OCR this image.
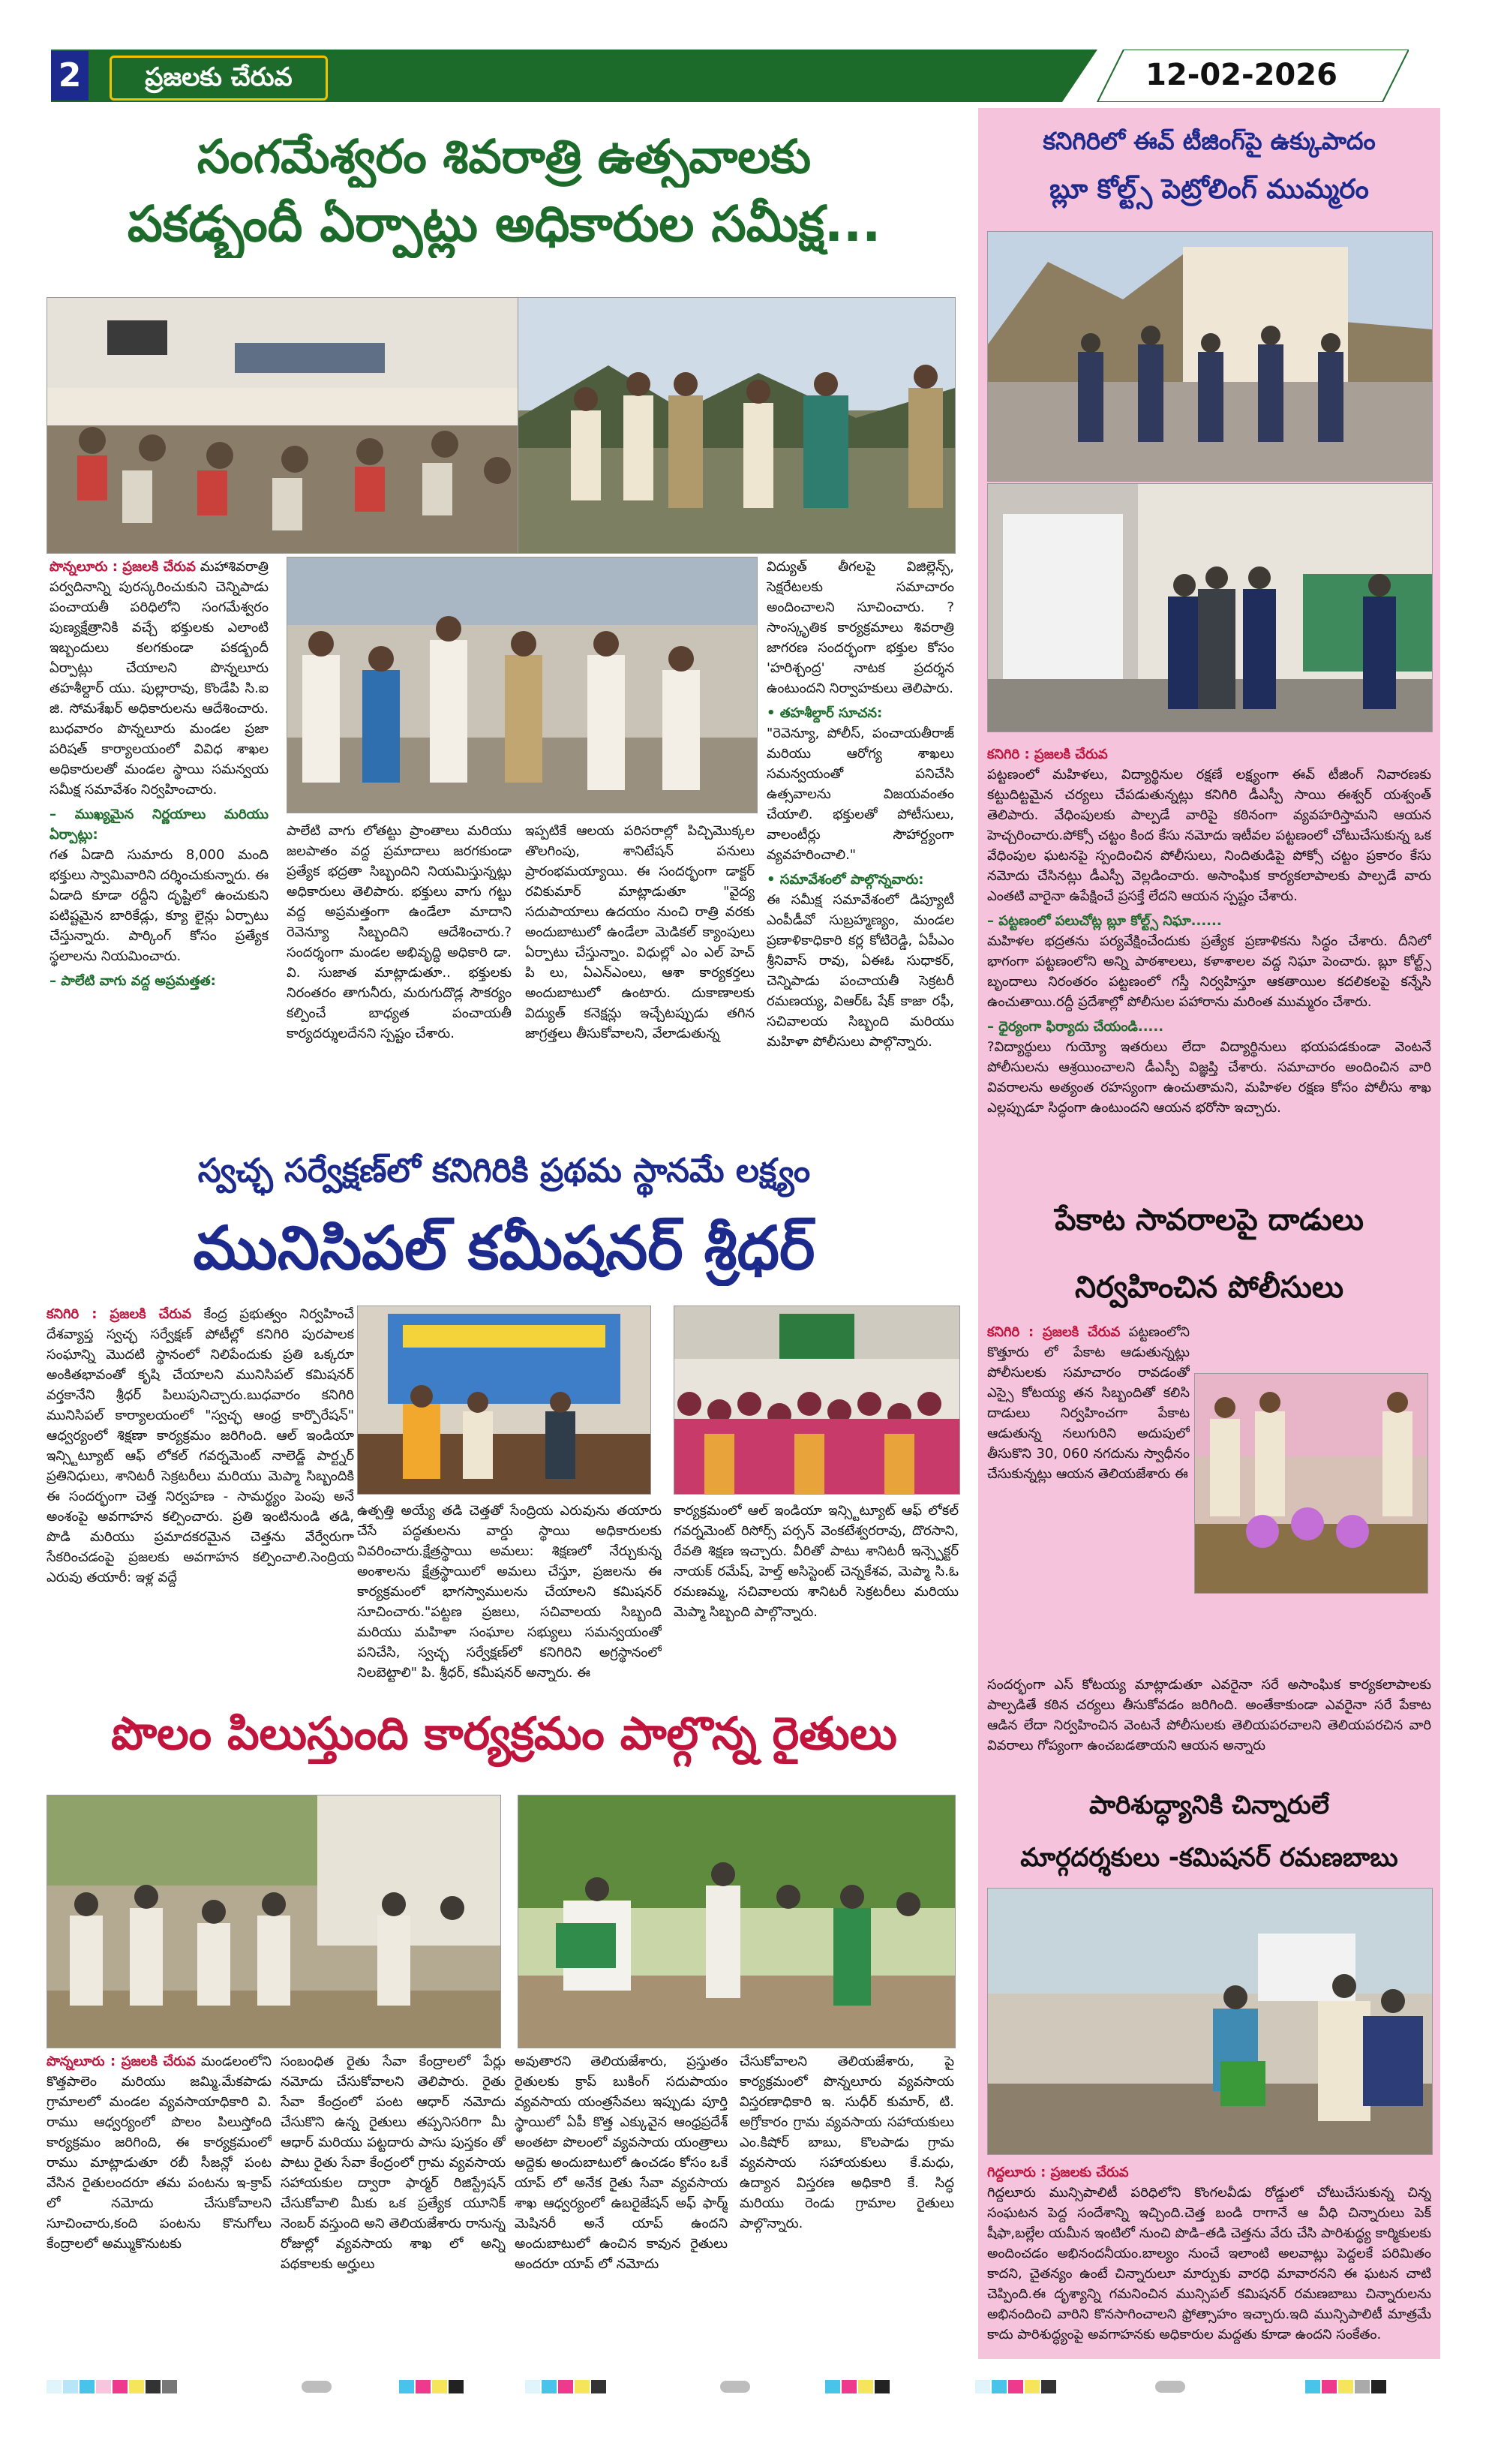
2	ప్రజలకు చేరువ	12-02-2026
సంగమేశ్వరం శివరాత్రి ఉత్సవాలకు
పకడ్బందీ ఏర్పాట్లు అధికారుల సమీక్ష...
పొన్నలూరు : ప్రజలకి చేరువ మహాశివరాత్రి పర్వదినాన్ని పురస్కరించుకుని చెన్నిపాడు పంచాయతీ పరిధిలోని సంగమేశ్వరం పుణ్యక్షేత్రానికి వచ్చే భక్తులకు ఎలాంటి ఇబ్బందులు కలగకుండా పకడ్బందీ ఏర్పాట్లు చేయాలని పొన్నలూరు తహశీల్దార్ యు. పుల్లారావు, కొండేపి సి.ఐ జి. సోమశేఖర్ అధికారులను ఆదేశించారు. బుధవారం పొన్నలూరు మండల ప్రజా పరిషత్ కార్యాలయంలో వివిధ శాఖల అధికారులతో మండల స్థాయి సమన్వయ సమీక్ష సమావేశం నిర్వహించారు.
– ముఖ్యమైన నిర్ణయాలు మరియు ఏర్పాట్లు:
గత ఏడాది సుమారు 8,000 మంది భక్తులు స్వామివారిని దర్శించుకున్నారు. ఈ ఏడాది కూడా రద్దీని దృష్టిలో ఉంచుకుని పటిష్టమైన బారికేడ్లు, క్యూ లైన్లు ఏర్పాటు చేస్తున్నారు. పార్కింగ్ కోసం ప్రత్యేక స్థలాలను నియమించారు.
– పాలేటి వాగు వద్ద అప్రమత్తత:
పాలేటి వాగు లోతట్టు ప్రాంతాలు మరియు జలపాతం వద్ద ప్రమాదాలు జరగకుండా ప్రత్యేక భద్రతా సిబ్బందిని నియమిస్తున్నట్లు అధికారులు తెలిపారు. భక్తులు వాగు గట్టు వద్ద అప్రమత్తంగా ఉండేలా మాదాని రెవెన్యూ సిబ్బందిని ఆదేశించారు.? సందర్శంగా మండల అభివృద్ధి అధికారి డా. వి. సుజాత మాట్లాడుతూ.. భక్తులకు నిరంతరం తాగునీరు, మరుగుదొడ్ల సౌకర్యం కల్పించే బాధ్యత పంచాయతీ కార్యదర్శులదేనని స్పష్టం చేశారు.
ఇప్పటికే ఆలయ పరిసరాల్లో పిచ్చిమొక్కల తొలగింపు, శానిటేషన్ పనులు ప్రారంభమయ్యాయి. ఈ సందర్భంగా డాక్టర్ రవికుమార్ మాట్లాడుతూ "వైద్య సదుపాయాలు ఉదయం నుంచి రాత్రి వరకు అందుబాటులో ఉండేలా మెడికల్ క్యాంపులు ఏర్పాటు చేస్తున్నాం. విధుల్లో ఎం ఎల్ హెచ్ పి లు, ఏఎన్ఎంలు, ఆశా కార్యకర్తలు అందుబాటులో ఉంటారు. దుకాణాలకు విద్యుత్ కనెక్షన్లు ఇచ్చేటప్పుడు తగిన జాగ్రత్తలు తీసుకోవాలని, వేలాడుతున్న
విద్యుత్ తీగలపై విజిల్లెన్స్, సెక్షరేటలకు సమాచారం అందించాలని సూచించారు. ?సాంస్కృతిక కార్యక్రమాలు శివరాత్రి జాగరణ సందర్భంగా భక్తుల కోసం 'హరిశ్చంద్ర' నాటక ప్రదర్శన ఉంటుందని నిర్వాహకులు తెలిపారు.
• తహశీల్దార్ సూచన:
"రెవెన్యూ, పోలీస్, పంచాయతీరాజ్ మరియు ఆరోగ్య శాఖలు సమన్వయంతో పనిచేసి ఉత్సవాలను విజయవంతం చేయాలి. భక్తులతో పోటీసులు, వాలంటీర్లు సౌహార్ద్యంగా వ్యవహరించాలి."
• సమావేశంలో పాల్గొన్నవారు:
ఈ సమీక్ష సమావేశంలో డిప్యూటీ ఎంపీడీవో సుబ్రహ్మణ్యం, మండల ప్రణాళికాధికారి కర్ల కోటిరెడ్డి, ఏపీఎం శ్రీనివాస్ రావు, ఏఈఓ సుధాకర్, చెన్నిపాడు పంచాయతీ సెక్రటరీ రమణయ్య, విఆర్ఓ షేక్ కాజా రఫీ, సచివాలయ సిబ్బంది మరియు మహిళా పోలీసులు పాల్గొన్నారు.
స్వచ్ఛ సర్వేక్షణ్‌లో కనిగిరికి ప్రథమ స్థానమే లక్ష్యం
మునిసిపల్ కమీషనర్ శ్రీధర్
కనిగిరి : ప్రజలకి చేరువ కేంద్ర ప్రభుత్వం నిర్వహించే దేశవ్యాప్త స్వచ్ఛ సర్వేక్షణ్ పోటీల్లో కనిగిరి పురపాలక సంఘాన్ని మొదటి స్థానంలో నిలిపేందుకు ప్రతి ఒక్కరూ అంకితభావంతో కృషి చేయాలని మునిసిపల్ కమిషనర్ వర్తకానేని శ్రీధర్ పిలుపునిచ్చారు.బుధవారం కనిగిరి మునిసిపల్ కార్యాలయంలో "స్వచ్ఛ ఆంధ్ర కార్పొరేషన్" ఆధ్వర్యంలో శిక్షణా కార్యక్రమం జరిగింది. ఆల్ ఇండియా ఇన్స్టిట్యూట్ ఆఫ్ లోకల్ గవర్నమెంట్ నాలెడ్జ్ పార్ట్నర్ ప్రతినిధులు, శానిటరీ సెక్రటరీలు మరియు మెప్మా సిబ్బందికి ఈ సందర్భంగా చెత్త నిర్వహణ - సామర్థ్యం పెంపు అనే అంశంపై అవగాహన కల్పించారు. ప్రతి ఇంటినుండి తడి, పొడి మరియు ప్రమాదకరమైన చెత్తను వేర్వేరుగా సేకరించడంపై ప్రజలకు అవగాహన కల్పించాలి.సెంద్రియ ఎరువు తయారీ: ఇళ్ల వద్దే
ఉత్పత్తి అయ్యే తడి చెత్తతో సేంద్రియ ఎరువును తయారు చేసే పద్ధతులను వార్డు స్థాయి అధికారులకు వివరించారు.క్షేత్రస్థాయి అమలు: శిక్షణలో నేర్చుకున్న అంశాలను క్షేత్రస్థాయిలో అమలు చేస్తూ, ప్రజలను ఈ కార్యక్రమంలో భాగస్వాములను చేయాలని కమిషనర్ సూచించారు."పట్టణ ప్రజలు, సచివాలయ సిబ్బంది మరియు మహిళా సంఘాల సభ్యులు సమన్వయంతో పనిచేసి, స్వచ్ఛ సర్వేక్షణ్‌లో కనిగిరిని అగ్రస్థానంలో నిలబెట్టాలి" పి. శ్రీధర్, కమీషనర్ అన్నారు. ఈ
కార్యక్రమంలో ఆల్ ఇండియా ఇన్స్టిట్యూట్ ఆఫ్ లోకల్ గవర్నమెంట్ రిసోర్స్ పర్సన్ వెంకటేశ్వరరావు, దొరసాని, రేవతి శిక్షణ ఇచ్చారు. వీరితో పాటు శానిటరీ ఇన్స్పెక్టర్ నాయక్ రమేష్, హెల్త్ అసిస్టెంట్ చెన్నకేశవ, మెప్మా సి.ఓ రమణమ్మ, సచివాలయ శానిటరీ సెక్రటరీలు మరియు మెప్మా సిబ్బంది పాల్గొన్నారు.
పొలం పిలుస్తుంది కార్యక్రమం పాల్గొన్న రైతులు
పొన్నలూరు : ప్రజలకి చేరువ మండలంలోని కొత్తపాలెం మరియు జమ్మి.మేకపాడు గ్రామాలలో మండల వ్యవసాయాధికారి వి. రాము ఆధ్వర్యంలో పొలం పిలుస్తోంది కార్యక్రమం జరిగింది, ఈ కార్యక్రమంలో రాము మాట్లాడుతూ రబీ సీజన్లో పంట వేసిన రైతులందరూ తమ పంటను ఇ-క్రాప్ లో నమోదు చేసుకోవాలని సూచించారు,కంది పంటను కొనుగోలు కేంద్రాలలో అమ్ముకొనుటకు
సంబంధిత రైతు సేవా కేంద్రాలలో పేర్లు నమోదు చేసుకోవాలని తెలిపారు. రైతు సేవా కేంద్రంలో పంట ఆధార్ నమోదు చేసుకొని ఉన్న రైతులు తప్పనిసరిగా మీ ఆధార్ మరియు పట్టదారు పాసు పుస్తకం తో పాటు రైతు సేవా కేంద్రంలో గ్రామ వ్యవసాయ సహాయకుల ద్వారా ఫార్మర్ రిజిస్ట్రేషన్ చేసుకోవాలి మీకు ఒక ప్రత్యేక యూనిక్ నెంబర్ వస్తుంది అని తెలియజేశారు రానున్న రోజుల్లో వ్యవసాయ శాఖ లో అన్ని పథకాలకు అర్హులు
అవుతారని తెలియజేశారు, ప్రస్తుతం రైతులకు క్రాప్ బుకింగ్ సదుపాయం వ్యవసాయ యంత్రసేవలు ఇప్పుడు పూర్తి స్థాయిలో ఏపీ కొత్త ఎక్కువైన ఆంధ్రప్రదేశ్ అంతటా పొలంలో వ్యవసాయ యంత్రాలు అద్దెకు అందుబాటులో ఉంచడం కోసం ఒకే యాప్ లో అనేక రైతు సేవా వ్యవసాయ శాఖ ఆధ్వర్యంలో ఉబరైజేషన్ అఫ్ ఫార్మ్ మెషినరీ అనే యాప్ ఉందని అందుబాటులో ఉంచిన కావున రైతులు అందరూ యాప్ లో నమోదు
చేసుకోవాలని తెలియజేశారు, పై కార్యక్రమంలో పొన్నలూరు వ్యవసాయ విస్తరణాధికారి ఇ. సుధీర్ కుమార్, టి. అగ్రోకారం గ్రామ వ్యవసాయ సహాయకులు ఎం.కిషోర్ బాబు, కొలపాడు గ్రామ వ్యవసాయ సహాయకులు కే.మధు, ఉద్యాన విస్తరణ అధికారి కే. సిద్ధ మరియు రెండు గ్రామాల రైతులు పాల్గొన్నారు.
కనిగిరిలో ఈవ్ టీజింగ్‌పై ఉక్కుపాదం
బ్లూ కోల్ట్స్ పెట్రోలింగ్ ముమ్మరం
కనిగిరి : ప్రజలకి చేరువ
పట్టణంలో మహిళలు, విద్యార్థినుల రక్షణే లక్ష్యంగా ఈవ్ టీజింగ్ నివారణకు కట్టుదిట్టమైన చర్యలు చేపడుతున్నట్లు కనిగిరి డీఎస్పీ సాయి ఈశ్వర్ యశ్వంత్ తెలిపారు. వేధింపులకు పాల్పడే వారిపై కఠినంగా వ్యవహరిస్తామని ఆయన హెచ్చరించారు.పోక్సో చట్టం కింద కేసు నమోదు ఇటీవల పట్టణంలో చోటుచేసుకున్న ఒక వేధింపుల ఘటనపై స్పందించిన పోలీసులు, నిందితుడిపై పోక్సో చట్టం ప్రకారం కేసు నమోదు చేసినట్లు డీఎస్పీ వెల్లడించారు. అసాంఘిక కార్యకలాపాలకు పాల్పడే వారు ఎంతటి వారైనా ఉపేక్షించే ప్రసక్తే లేదని ఆయన స్పష్టం చేశారు.
– పట్టణంలో పలుచోట్ల బ్లూ కోల్ట్స్ నిఘా......
మహిళల భద్రతను పర్యవేక్షించేందుకు ప్రత్యేక ప్రణాళికను సిద్ధం చేశారు. దీనిలో భాగంగా పట్టణంలోని అన్ని పాఠశాలలు, కళాశాలల వద్ద నిఘా పెంచారు. బ్లూ కోల్ట్స్ బృందాలు నిరంతరం పట్టణంలో గస్తీ నిర్వహిస్తూ ఆకతాయిల కదలికలపై కన్నేసి ఉంచుతాయి.రద్దీ ప్రదేశాల్లో పోలీసుల పహారాను మరింత ముమ్మరం చేశారు.
– ధైర్యంగా ఫిర్యాదు చేయండి.....
?విద్యార్థులు గుయ్యో ఇతరులు లేదా విద్యార్థినులు భయపడకుండా వెంటనే పోలీసులను ఆశ్రయించాలని డీఎస్పీ విజ్ఞప్తి చేశారు. సమాచారం అందించిన వారి వివరాలను అత్యంత రహస్యంగా ఉంచుతామని, మహిళల రక్షణ కోసం పోలీసు శాఖ ఎల్లప్పుడూ సిద్ధంగా ఉంటుందని ఆయన భరోసా ఇచ్చారు.
పేకాట సావరాలపై దాడులు
నిర్వహించిన పోలీసులు
కనిగిరి : ప్రజలకి చేరువ పట్టణంలోని కొత్తూరు లో పేకాట ఆడుతున్నట్లు పోలీసులకు సమాచారం రావడంతో ఎస్సై కోటయ్య తన సిబ్బందితో కలిసి దాడులు నిర్వహించగా పేకాట ఆడుతున్న నలుగురిని అదుపులో తీసుకొని 30, 060 నగదును స్వాధీనం చేసుకున్నట్లు ఆయన తెలియజేశారు ఈ
సందర్భంగా ఎస్ కోటయ్య మాట్లాడుతూ ఎవరైనా సరే అసాంఘిక కార్యకలాపాలకు పాల్పడితే కఠిన చర్యలు తీసుకోవడం జరిగింది. అంతేకాకుండా ఎవరైనా సరే పేకాట ఆడిన లేదా నిర్వహించిన వెంటనే పోలీసులకు తెలియపరచాలని తెలియపరచిన వారి వివరాలు గోప్యంగా ఉంచబడతాయని ఆయన అన్నారు
పారిశుద్ధ్యానికి చిన్నారులే
మార్గదర్శకులు -కమిషనర్ రమణబాబు
గిద్దలూరు : ప్రజలకు చేరువ
గిద్దలూరు మున్సిపాలిటీ పరిధిలోని కొంగలవీడు రోడ్డులో చోటుచేసుకున్న చిన్న సంఘటన పెద్ద సందేశాన్ని ఇచ్చింది.చెత్త బండి రాగానే ఆ వీధి చిన్నారులు పెక్ షీఫా,బల్లేల యమీన ఇంటిలో నుంచి పొడి–తడి చెత్తను వేరు చేసి పారిశుద్ధ్య కార్మికులకు అందించడం అభినందనీయం.బాల్యం నుంచే ఇలాంటి అలవాట్లు పెద్దలకే పరిమితం కాదని, చైతన్యం ఉంటే చిన్నారులూ మార్పుకు వారధి మావారనని ఈ ఘటన చాటి చెప్పింది.ఈ దృశ్యాన్ని గమనించిన మున్సిపల్ కమిషనర్ రమణబాబు చిన్నారులను అభినందించి వారిని కొనసాగించాలని ఫ్రోత్సాహం ఇచ్చారు.ఇది మున్సిపాలిటీ మాత్రమే కాదు పారిశుద్ధ్యంపై అవగాహనకు అధికారుల మద్దతు కూడా ఉందని సంకేతం.
